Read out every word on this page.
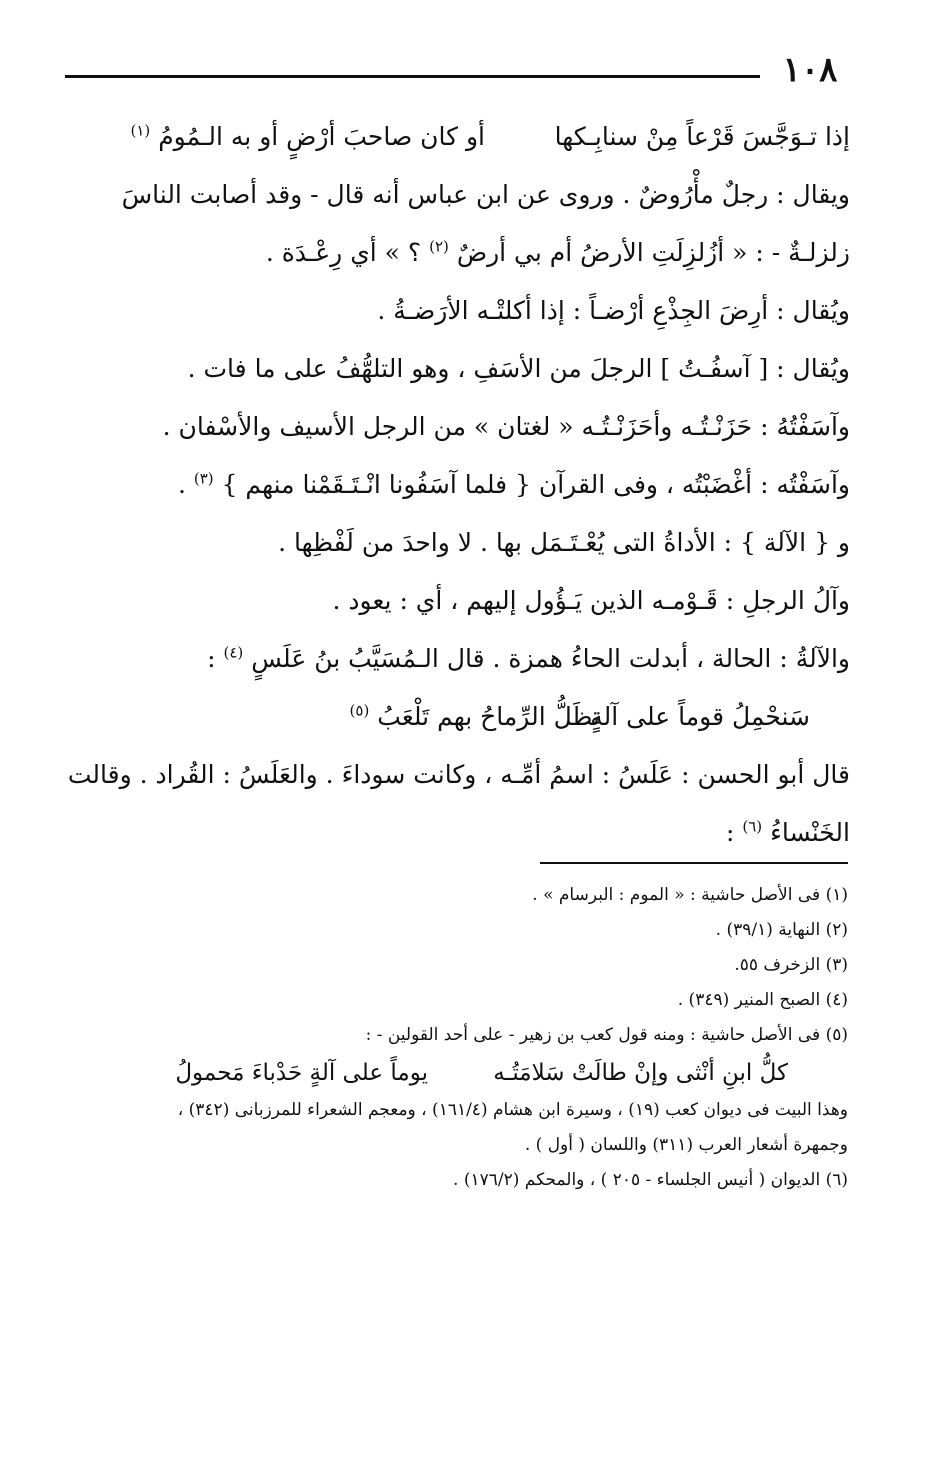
١٠٨
إذا تـوَجَّسَ قَرْعاً مِنْ سنابِـكها
أو كان صاحبَ أرْضٍ أو به الـمُومُ $^{(١)}$
ويقال : رجلٌ مأْرُوضٌ . وروى عن ابن عباس أنه قال - وقد أصابت الناسَ
زلزلـةٌ - : « أزُلزِلَتِ الأرضُ أم بي أرضٌ $^{(٢)}$ ؟ » أي رِعْـدَة .
ويُقال : أرِضَ الجِذْعِ أرْضـاً : إذا أكلتْـه الأرَضـةُ .
ويُقال : [ آسفُـتُ ] الرجلَ من الأسَفِ ، وهو التلهُّفُ على ما فات .
وآسَفْتُهُ : حَزَنْـتُـه وأحَزَنْـتُـه « لغتان » من الرجل الأسيف والأسْفان .
وآسَفْتُه : أغْضَبْتُه ، وفى القرآن { فلما آسَفُونا انْـتَـقَمْنا منهم } $^{(٣)}$ .
و { الآلة } : الأداةُ التى يُعْـتَـمَل بها . لا واحدَ من لَفْظِها .
وآلُ الرجلِ : قَـوْمـه الذين يَـؤُول إليهم ، أي : يعود .
والآلةُ : الحالة ، أبدلت الحاءُ همزة . قال الـمُسَيَّبُ بنُ عَلَسٍ $^{(٤)}$ :
سَنحْمِلُ قوماً على آلةٍ
تظَلُّ الرِّماحُ بهم تَلْعَبُ $^{(٥)}$
قال أبو الحسن : عَلَسُ : اسمُ أمِّـه ، وكانت سوداءَ . والعَلَسُ : القُراد . وقالت
الخَنْساءُ $^{(٦)}$ :
(١) فى الأصل حاشية : « الموم : البرسام » .
(٢) النهاية (٣٩/١) .
(٣) الزخرف ٥٥.
(٤) الصبح المنير (٣٤٩) .
(٥) فى الأصل حاشية : ومنه قول كعب بن زهير - على أحد القولين - :
كلُّ ابنِ أنْثى وإنْ طالَتْ سَلامَتُـه
يوماً على آلةٍ حَدْباءَ مَحمولُ
وهذا البيت فى ديوان كعب (١٩) ، وسيرة ابن هشام (١٦١/٤) ، ومعجم الشعراء للمرزبانى (٣٤٢) ،
وجمهرة أشعار العرب (٣١١) واللسان ( أول ) .
(٦) الديوان ( أنيس الجلساء - ٢٠٥ ) ، والمحكم (١٧٦/٢) .
